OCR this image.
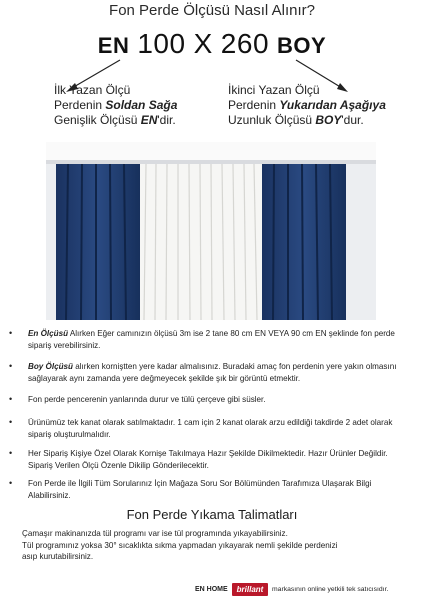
Fon Perde Ölçüsü Nasıl Alınır?
EN 100 X 260 BOY
İlk Yazan Ölçü
Perdenin Soldan Sağa
Genişlik Ölçüsü EN'dir.
İkinci Yazan Ölçü
Perdenin Yukarıdan Aşağıya
Uzunluk Ölçüsü BOY'dur.
• En Ölçüsü Alırken Eğer camınızın ölçüsü 3m ise 2 tane 80 cm EN VEYA 90 cm EN şeklinde fon perde sipariş verebilirsiniz.
• Boy Ölçüsü alırken korniştten yere kadar almalısınız. Buradaki amaç fon perdenin yere yakın olmasını sağlayarak aynı zamanda yere değmeyecek şekilde şık bir görüntü etmektir.
• Fon perde pencerenin yanlarında durur ve tülü çerçeve gibi süsler.
• Ürünümüz tek kanat olarak satılmaktadır. 1 cam için 2 kanat olarak arzu edildiği takdirde 2 adet olarak sipariş oluşturulmalıdır.
• Her Sipariş Kişiye Özel Olarak Kornişe Takılmaya Hazır Şekilde Dikilmektedir. Hazır Ürünler Değildir. Sipariş Verilen Ölçü Özenle Dikilip Gönderilecektir.
• Fon Perde ile İlgili Tüm Sorularınız İçin Mağaza Soru Sor Bölümünden Tarafımıza Ulaşarak Bilgi Alabilirsiniz.
Fon Perde Yıkama Talimatları
Çamaşır makinanızda tül programı var ise tül programında yıkayabilirsiniz.
Tül programınız yoksa 30° sıcaklıkta sıkma yapmadan yıkayarak nemli şekilde perdenizi
asıp kurutabilirsiniz.
EN HOME	brillant	markasının online yetkili tek satıcısıdır.
